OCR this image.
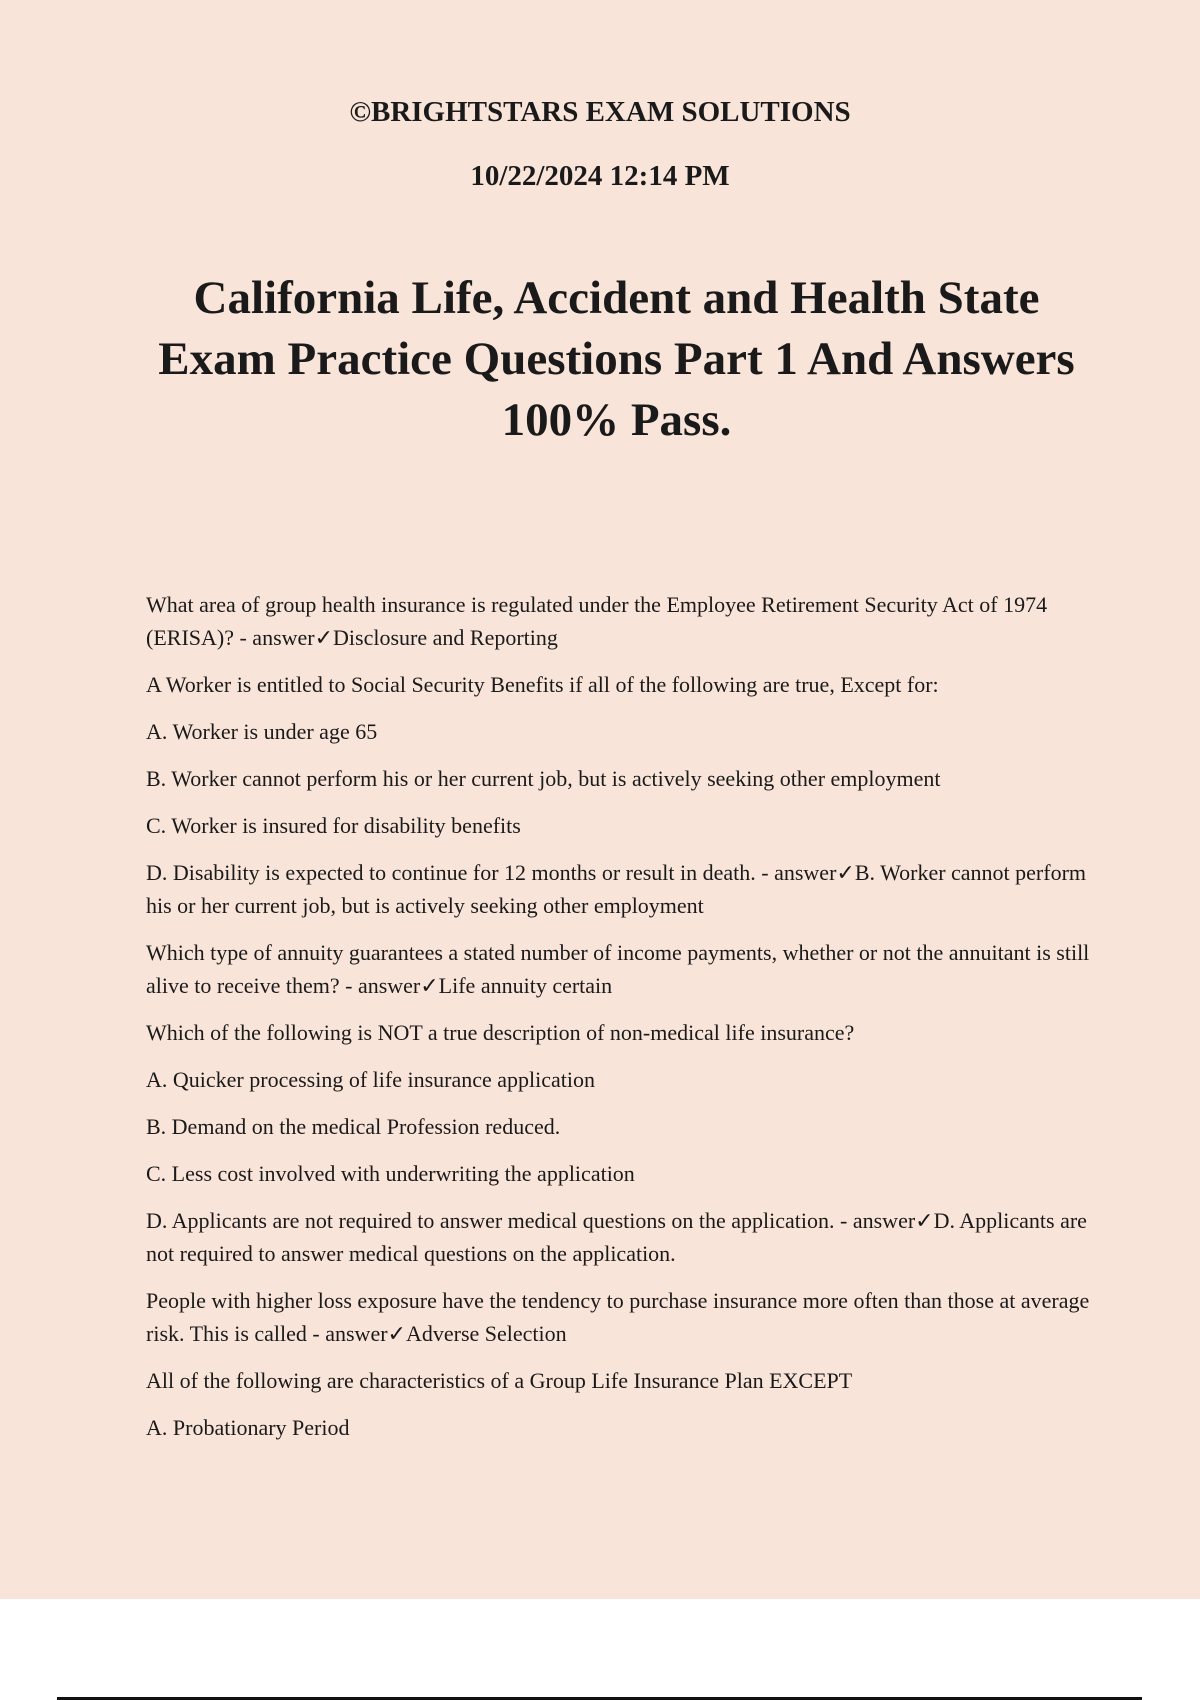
©BRIGHTSTARS EXAM SOLUTIONS
10/22/2024 12:14 PM
California Life, Accident and Health State Exam Practice Questions Part 1 And Answers 100% Pass.

What area of group health insurance is regulated under the Employee Retirement Security Act of 1974 (ERISA)? - answer✓Disclosure and Reporting

A Worker is entitled to Social Security Benefits if all of the following are true, Except for:

A. Worker is under age 65

B. Worker cannot perform his or her current job, but is actively seeking other employment

C. Worker is insured for disability benefits

D. Disability is expected to continue for 12 months or result in death. - answer✓B. Worker cannot perform his or her current job, but is actively seeking other employment

Which type of annuity guarantees a stated number of income payments, whether or not the annuitant is still alive to receive them? - answer✓Life annuity certain

Which of the following is NOT a true description of non-medical life insurance?

A. Quicker processing of life insurance application

B. Demand on the medical Profession reduced.

C. Less cost involved with underwriting the application

D. Applicants are not required to answer medical questions on the application. - answer✓D. Applicants are not required to answer medical questions on the application.

People with higher loss exposure have the tendency to purchase insurance more often than those at average risk. This is called - answer✓Adverse Selection

All of the following are characteristics of a Group Life Insurance Plan EXCEPT

A. Probationary Period
